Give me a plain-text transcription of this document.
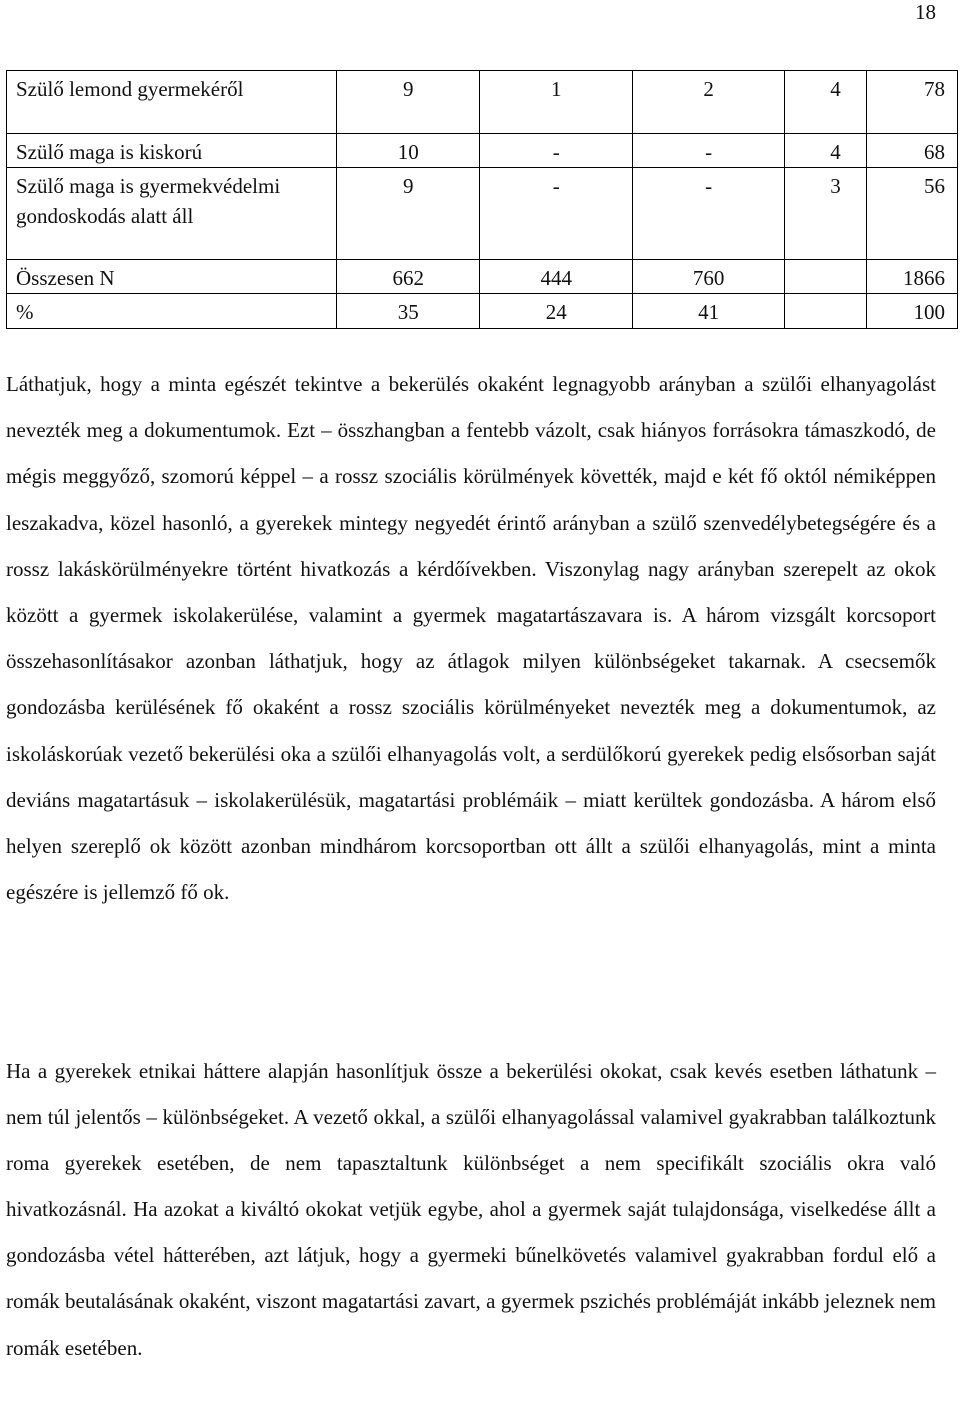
18
Szülő lemond gyermekéről	9	1	2	4	78
Szülő maga is kiskorú	10	-	-	4	68
Szülő maga is gyermekvédelmi gondoskodás alatt áll	9	-	-	3	56
Összesen N	662	444	760		1866
%	35	24	41		100

Láthatjuk, hogy a minta egészét tekintve a bekerülés okaként legnagyobb arányban a szülői elhanyagolást nevezték meg a dokumentumok. Ezt – összhangban a fentebb vázolt, csak hiányos forrásokra támaszkodó, de mégis meggyőző, szomorú képpel – a rossz szociális körülmények követték, majd e két fő októl némiképpen leszakadva, közel hasonló, a gyerekek mintegy negyedét érintő arányban a szülő szenvedélybetegségére és a rossz lakáskörülményekre történt hivatkozás a kérdőívekben. Viszonylag nagy arányban szerepelt az okok között a gyermek iskolakerülése, valamint a gyermek magatartászavara is. A három vizsgált korcsoport összehasonlításakor azonban láthatjuk, hogy az átlagok milyen különbségeket takarnak. A csecsemők gondozásba kerülésének fő okaként a rossz szociális körülményeket nevezték meg a dokumentumok, az iskoláskorúak vezető bekerülési oka a szülői elhanyagolás volt, a serdülőkorú gyerekek pedig elsősorban saját deviáns magatartásuk – iskolakerülésük, magatartási problémáik – miatt kerültek gondozásba. A három első helyen szereplő ok között azonban mindhárom korcsoportban ott állt a szülői elhanyagolás, mint a minta egészére is jellemző fő ok.

Ha a gyerekek etnikai háttere alapján hasonlítjuk össze a bekerülési okokat, csak kevés esetben láthatunk – nem túl jelentős – különbségeket. A vezető okkal, a szülői elhanyagolással valamivel gyakrabban találkoztunk roma gyerekek esetében, de nem tapasztaltunk különbséget a nem specifikált szociális okra való hivatkozásnál. Ha azokat a kiváltó okokat vetjük egybe, ahol a gyermek saját tulajdonsága, viselkedése állt a gondozásba vétel hátterében, azt látjuk, hogy a gyermeki bűnelkövetés valamivel gyakrabban fordul elő a romák beutalásának okaként, viszont magatartási zavart, a gyermek pszichés problémáját inkább jeleznek nem romák esetében.
